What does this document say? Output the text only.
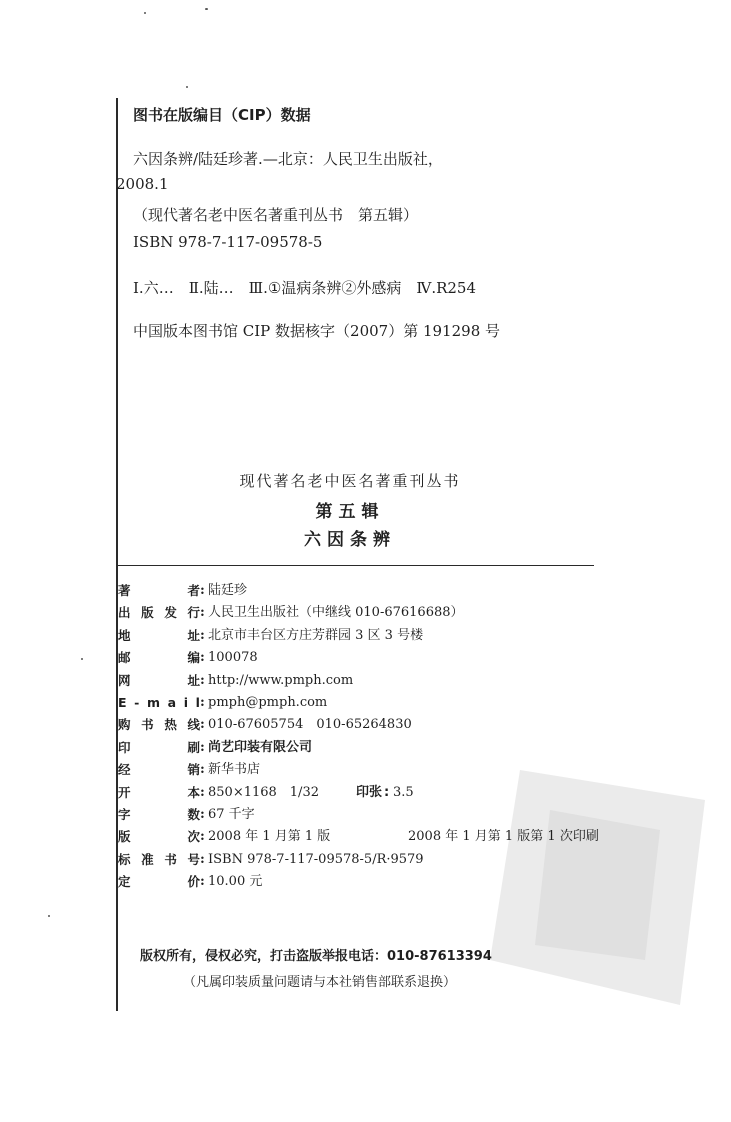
图书在版编目（CIP）数据
六因条辨/陆廷珍著.—北京：人民卫生出版社，
2008.1
（现代著名老中医名著重刊丛书　第五辑）
ISBN 978-7-117-09578-5
Ⅰ.六…　Ⅱ.陆…　Ⅲ.①温病条辨②外感病　Ⅳ.R254
中国版本图书馆 CIP 数据核字（2007）第 191298 号
现代著名老中医名著重刊丛书
第五辑
六因条辨
著	者 : 陆廷珍
出 版 发 行 : 人民卫生出版社（中继线 010-67616688）
地	址 : 北京市丰台区方庄芳群园 3 区 3 号楼
邮	编 : 100078
网	址 : http://www.pmph.com
E - m a i l : pmph@pmph.com
购 书 热 线 : 010-67605754　010-65264830
印	刷 : 尚艺印装有限公司
经	销 : 新华书店
开	本 : 850×1168　1/32	印张 : 3.5
字	数 : 67 千字
版	次 : 2008 年 1 月第 1 版	2008 年 1 月第 1 版第 1 次印刷
标 准 书 号 : ISBN 978-7-117-09578-5/R·9579
定	价 : 10.00 元
版权所有，侵权必究，打击盗版举报电话：010-87613394
（凡属印装质量问题请与本社销售部联系退换）
